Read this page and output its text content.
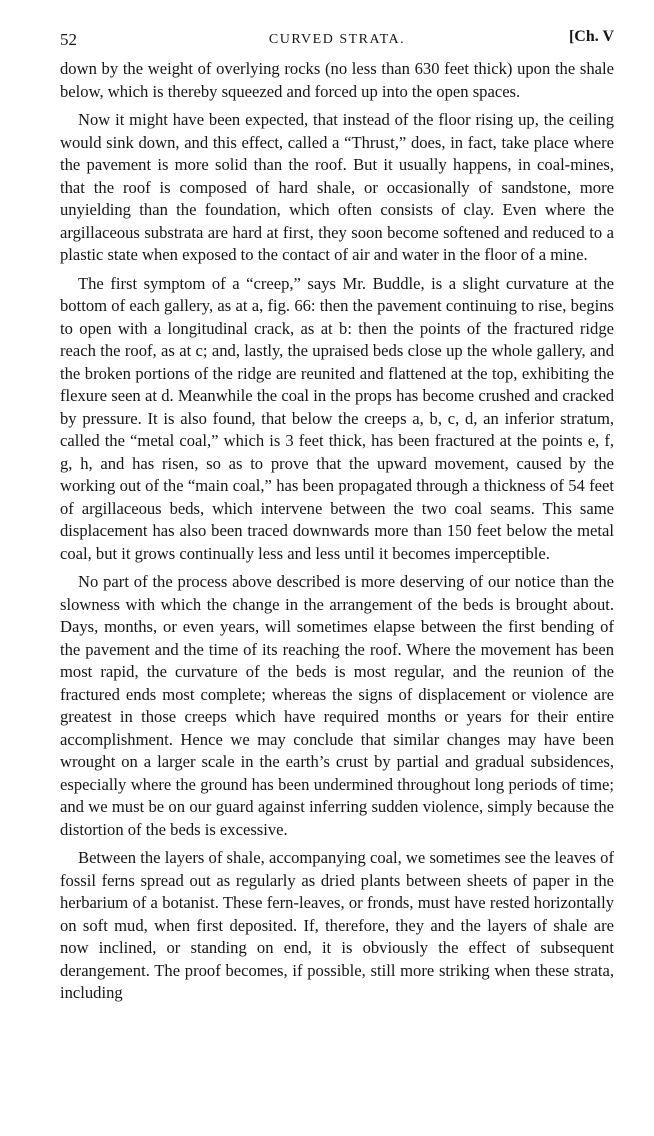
52	CURVED STRATA.	[Ch. V

down by the weight of overlying rocks (no less than 630 feet thick) upon the shale below, which is thereby squeezed and forced up into the open spaces.

Now it might have been expected, that instead of the floor rising up, the ceiling would sink down, and this effect, called a “Thrust,” does, in fact, take place where the pavement is more solid than the roof. But it usually happens, in coal-mines, that the roof is composed of hard shale, or occasionally of sandstone, more unyielding than the foundation, which often consists of clay. Even where the argillaceous substrata are hard at first, they soon become softened and reduced to a plastic state when exposed to the contact of air and water in the floor of a mine.

The first symptom of a “creep,” says Mr. Buddle, is a slight curvature at the bottom of each gallery, as at a, fig. 66: then the pavement continuing to rise, begins to open with a longitudinal crack, as at b: then the points of the fractured ridge reach the roof, as at c; and, lastly, the upraised beds close up the whole gallery, and the broken portions of the ridge are reunited and flattened at the top, exhibiting the flexure seen at d. Meanwhile the coal in the props has become crushed and cracked by pressure. It is also found, that below the creeps a, b, c, d, an inferior stratum, called the “metal coal,” which is 3 feet thick, has been fractured at the points e, f, g, h, and has risen, so as to prove that the upward movement, caused by the working out of the “main coal,” has been propagated through a thickness of 54 feet of argillaceous beds, which intervene between the two coal seams. This same displacement has also been traced downwards more than 150 feet below the metal coal, but it grows continually less and less until it becomes imperceptible.

No part of the process above described is more deserving of our notice than the slowness with which the change in the arrangement of the beds is brought about. Days, months, or even years, will sometimes elapse between the first bending of the pavement and the time of its reaching the roof. Where the movement has been most rapid, the curvature of the beds is most regular, and the reunion of the fractured ends most complete; whereas the signs of displacement or violence are greatest in those creeps which have required months or years for their entire accomplishment. Hence we may conclude that similar changes may have been wrought on a larger scale in the earth’s crust by partial and gradual subsidences, especially where the ground has been undermined throughout long periods of time; and we must be on our guard against inferring sudden violence, simply because the distortion of the beds is excessive.

Between the layers of shale, accompanying coal, we sometimes see the leaves of fossil ferns spread out as regularly as dried plants between sheets of paper in the herbarium of a botanist. These fern-leaves, or fronds, must have rested horizontally on soft mud, when first deposited. If, therefore, they and the layers of shale are now inclined, or standing on end, it is obviously the effect of subsequent derangement. The proof becomes, if possible, still more striking when these strata, including
